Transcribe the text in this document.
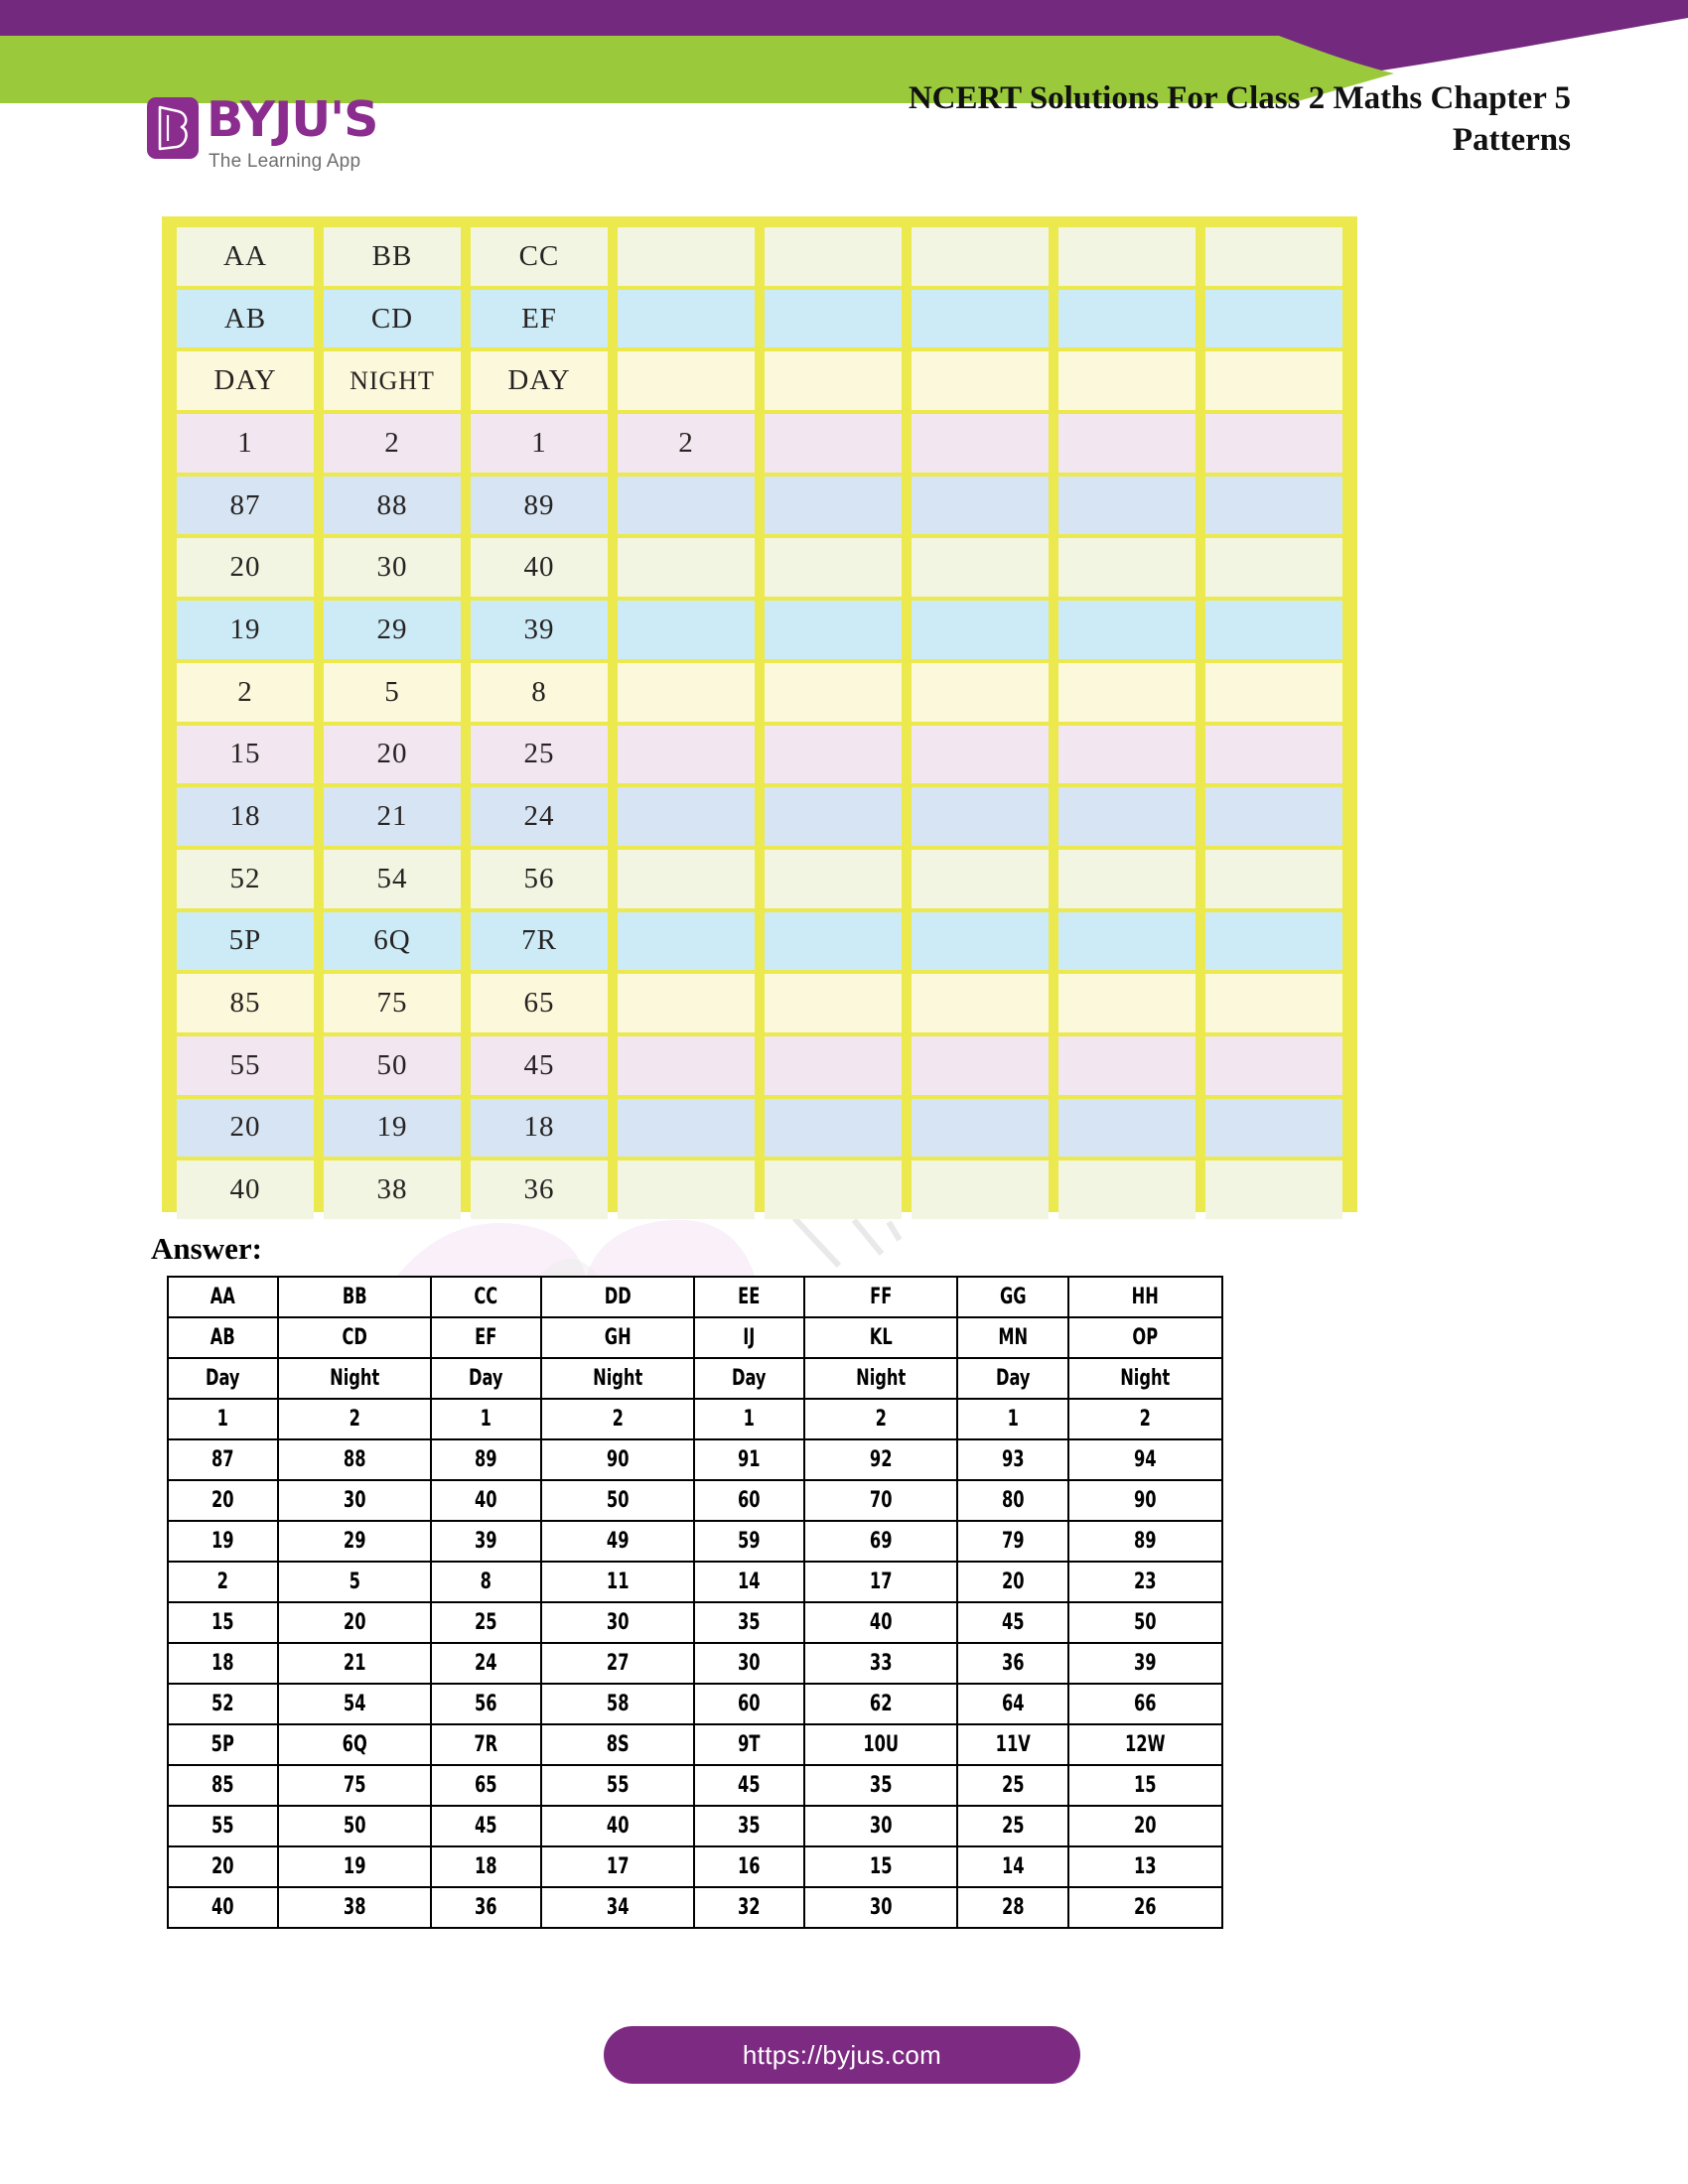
BYJU'S
The Learning App
NCERT Solutions For Class 2 Maths Chapter 5
Patterns
AA	BB	CC
AB	CD	EF
DAY	NIGHT	DAY
1	2	1	2
87	88	89
20	30	40
19	29	39
2	5	8
15	20	25
18	21	24
52	54	56
5P	6Q	7R
85	75	65
55	50	45
20	19	18
40	38	36
Answer:
AA	BB	CC	DD	EE	FF	GG	HH
AB	CD	EF	GH	IJ	KL	MN	OP
Day	Night	Day	Night	Day	Night	Day	Night
1	2	1	2	1	2	1	2
87	88	89	90	91	92	93	94
20	30	40	50	60	70	80	90
19	29	39	49	59	69	79	89
2	5	8	11	14	17	20	23
15	20	25	30	35	40	45	50
18	21	24	27	30	33	36	39
52	54	56	58	60	62	64	66
5P	6Q	7R	8S	9T	10U	11V	12W
85	75	65	55	45	35	25	15
55	50	45	40	35	30	25	20
20	19	18	17	16	15	14	13
40	38	36	34	32	30	28	26
https://byjus.com
